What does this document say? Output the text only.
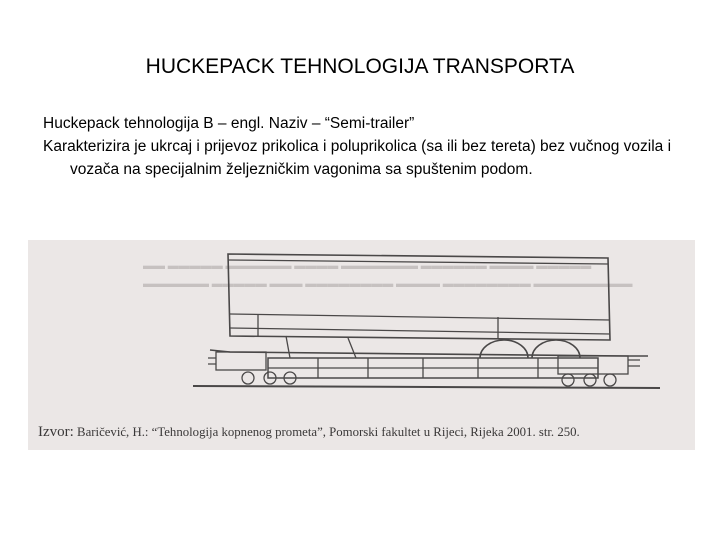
HUCKEPACK TEHNOLOGIJA TRANSPORTA

Huckepack tehnologija B – engl. Naziv – “Semi-trailer”

Karakterizira je ukrcaj i prijevoz prikolica i poluprikolica (sa ili bez tereta) bez vučnog vozila i vozača na specijalnim željezničkim vagonima sa spuštenim podom.

▬▬ ▬▬▬▬▬ ▬▬▬▬▬▬ ▬▬▬▬ ▬▬▬▬▬▬▬ ▬▬▬▬▬▬ ▬▬▬▬ ▬▬▬▬▬
▬▬▬▬▬▬ ▬▬▬▬▬ ▬▬▬ ▬▬▬▬▬▬▬▬ ▬▬▬▬ ▬▬▬▬▬▬▬▬ ▬▬▬▬▬▬▬▬▬
Izvor: Baričević, H.: “Tehnologija kopnenog prometa”, Pomorski fakultet u Rijeci, Rijeka 2001. str. 250.
